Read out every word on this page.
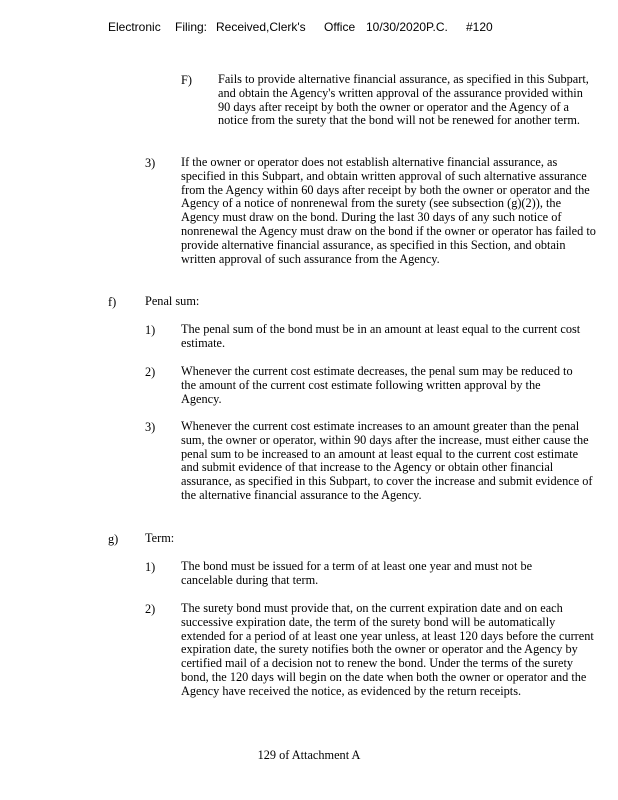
Electronic Filing: Received,Clerk's Office 10/30/2020P.C. #120
F) Fails to provide alternative financial assurance, as specified in this Subpart, and obtain the Agency's written approval of the assurance provided within 90 days after receipt by both the owner or operator and the Agency of a notice from the surety that the bond will not be renewed for another term.
3) If the owner or operator does not establish alternative financial assurance, as specified in this Subpart, and obtain written approval of such alternative assurance from the Agency within 60 days after receipt by both the owner or operator and the Agency of a notice of nonrenewal from the surety (see subsection (g)(2)), the Agency must draw on the bond. During the last 30 days of any such notice of nonrenewal the Agency must draw on the bond if the owner or operator has failed to provide alternative financial assurance, as specified in this Section, and obtain written approval of such assurance from the Agency.
f) Penal sum:
1) The penal sum of the bond must be in an amount at least equal to the current cost estimate.
2) Whenever the current cost estimate decreases, the penal sum may be reduced to the amount of the current cost estimate following written approval by the Agency.
3) Whenever the current cost estimate increases to an amount greater than the penal sum, the owner or operator, within 90 days after the increase, must either cause the penal sum to be increased to an amount at least equal to the current cost estimate and submit evidence of that increase to the Agency or obtain other financial assurance, as specified in this Subpart, to cover the increase and submit evidence of the alternative financial assurance to the Agency.
g) Term:
1) The bond must be issued for a term of at least one year and must not be cancelable during that term.
2) The surety bond must provide that, on the current expiration date and on each successive expiration date, the term of the surety bond will be automatically extended for a period of at least one year unless, at least 120 days before the current expiration date, the surety notifies both the owner or operator and the Agency by certified mail of a decision not to renew the bond. Under the terms of the surety bond, the 120 days will begin on the date when both the owner or operator and the Agency have received the notice, as evidenced by the return receipts.
129 of Attachment A
